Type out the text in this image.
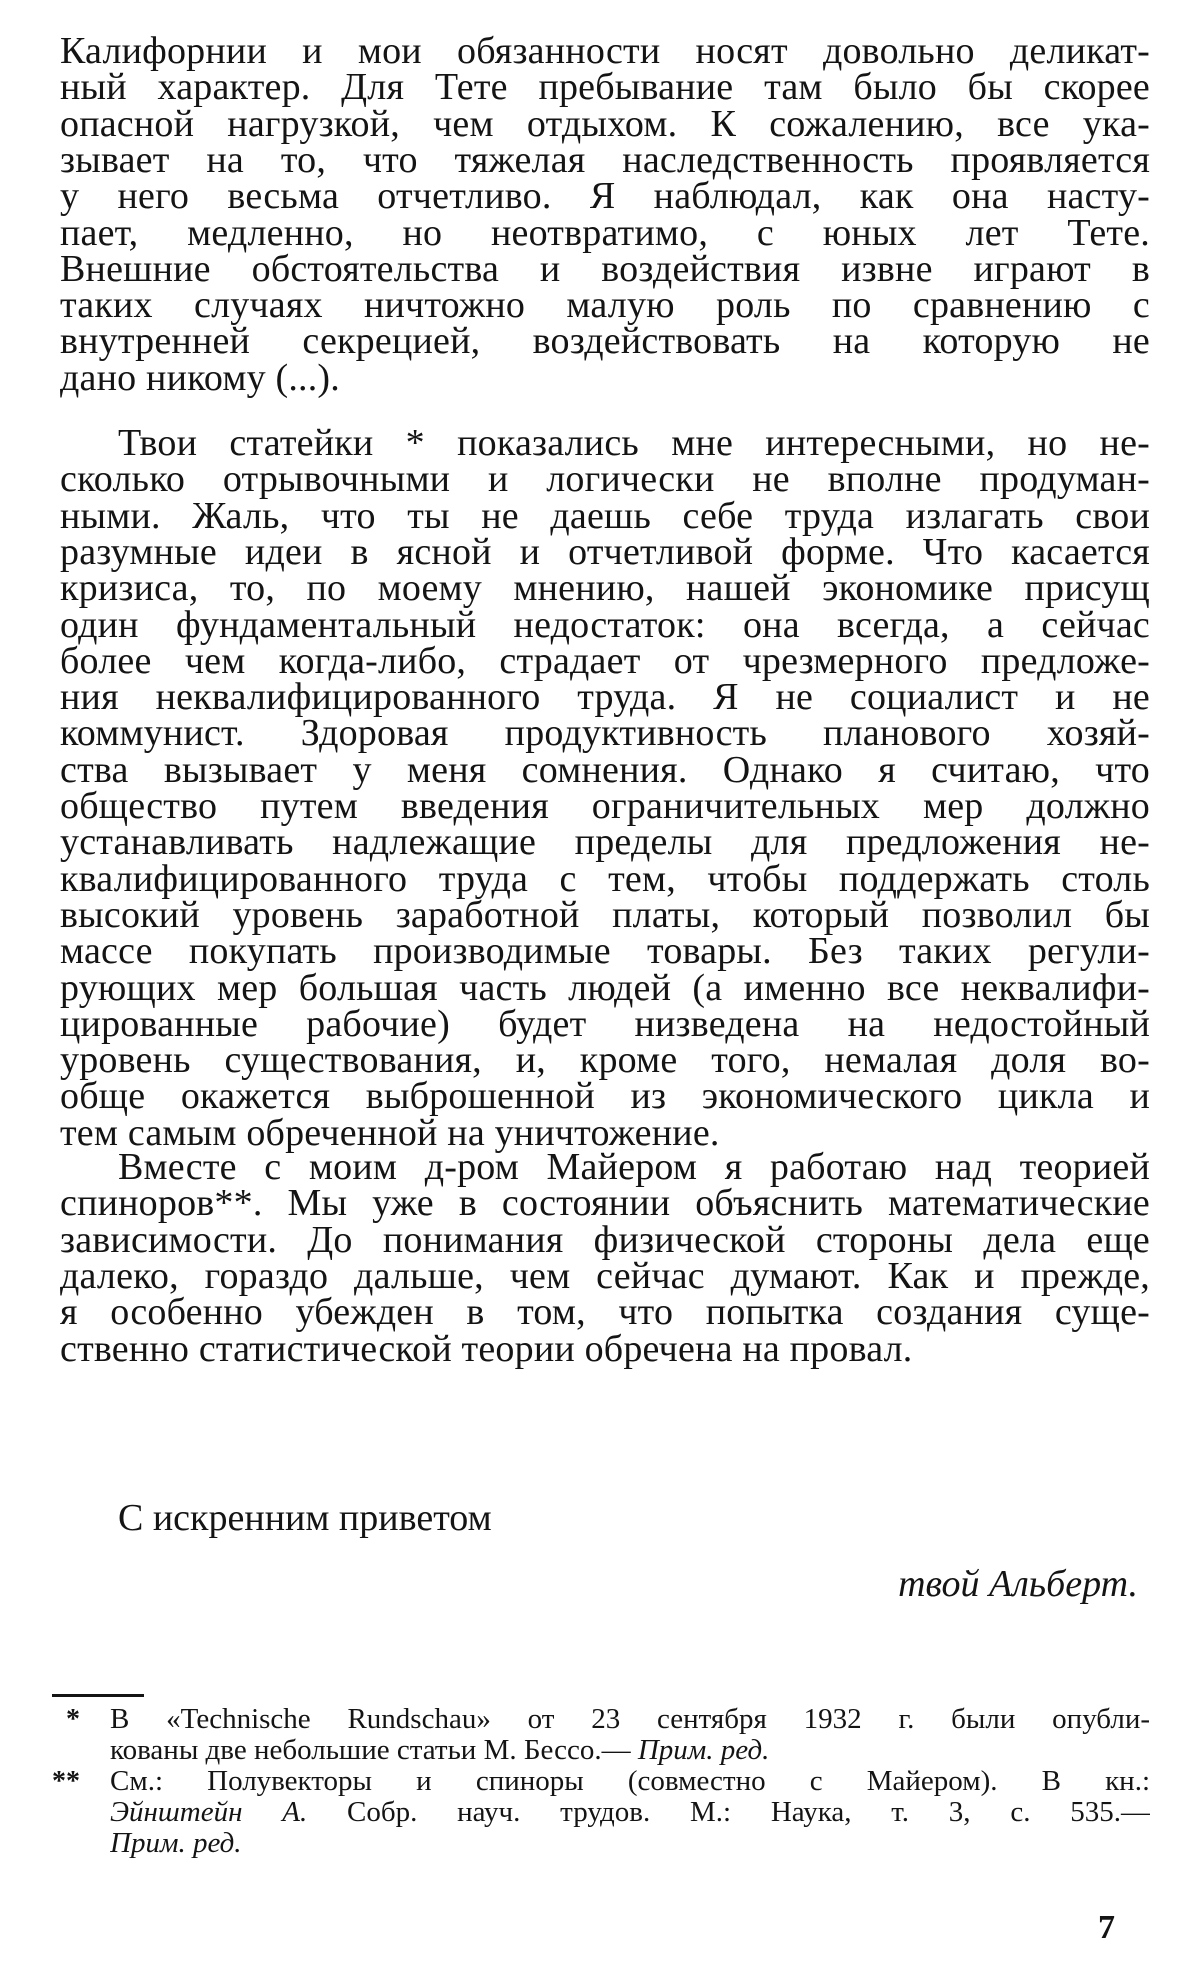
Калифорнии и мои обязанности носят довольно деликат-
ный характер. Для Тете пребывание там было бы скорее
опасной нагрузкой, чем отдыхом. К сожалению, все ука-
зывает на то, что тяжелая наследственность проявляется
у него весьма отчетливо. Я наблюдал, как она насту-
пает, медленно, но неотвратимо, с юных лет Тете.
Внешние обстоятельства и воздействия извне играют в
таких случаях ничтожно малую роль по сравнению с
внутренней секрецией, воздействовать на которую не
дано никому (...).
Твои статейки * показались мне интересными, но не-
сколько отрывочными и логически не вполне продуман-
ными. Жаль, что ты не даешь себе труда излагать свои
разумные идеи в ясной и отчетливой форме. Что касается
кризиса, то, по моему мнению, нашей экономике присущ
один фундаментальный недостаток: она всегда, а сейчас
более чем когда-либо, страдает от чрезмерного предложе-
ния неквалифицированного труда. Я не социалист и не
коммунист. Здоровая продуктивность планового хозяй-
ства вызывает у меня сомнения. Однако я считаю, что
общество путем введения ограничительных мер должно
устанавливать надлежащие пределы для предложения не-
квалифицированного труда с тем, чтобы поддержать столь
высокий уровень заработной платы, который позволил бы
массе покупать производимые товары. Без таких регули-
рующих мер большая часть людей (а именно все неквалифи-
цированные рабочие) будет низведена на недостойный
уровень существования, и, кроме того, немалая доля во-
обще окажется выброшенной из экономического цикла и
тем самым обреченной на уничтожение.
Вместе с моим д-ром Майером я работаю над теорией
спиноров**. Мы уже в состоянии объяснить математические
зависимости. До понимания физической стороны дела еще
далеко, гораздо дальше, чем сейчас думают. Как и прежде,
я особенно убежден в том, что попытка создания суще-
ственно статистической теории обречена на провал.
С искренним приветом
твой Альберт.
* В «Technische Rundschau» от 23 сентября 1932 г. были опубли-
кованы две небольшие статьи М. Бессо.— Прим. ред.
** См.: Полувекторы и спиноры (совместно с Майером). В кн.:
Эйнштейн А. Собр. науч. трудов. М.: Наука, т. 3, с. 535.—
Прим. ред.
7
